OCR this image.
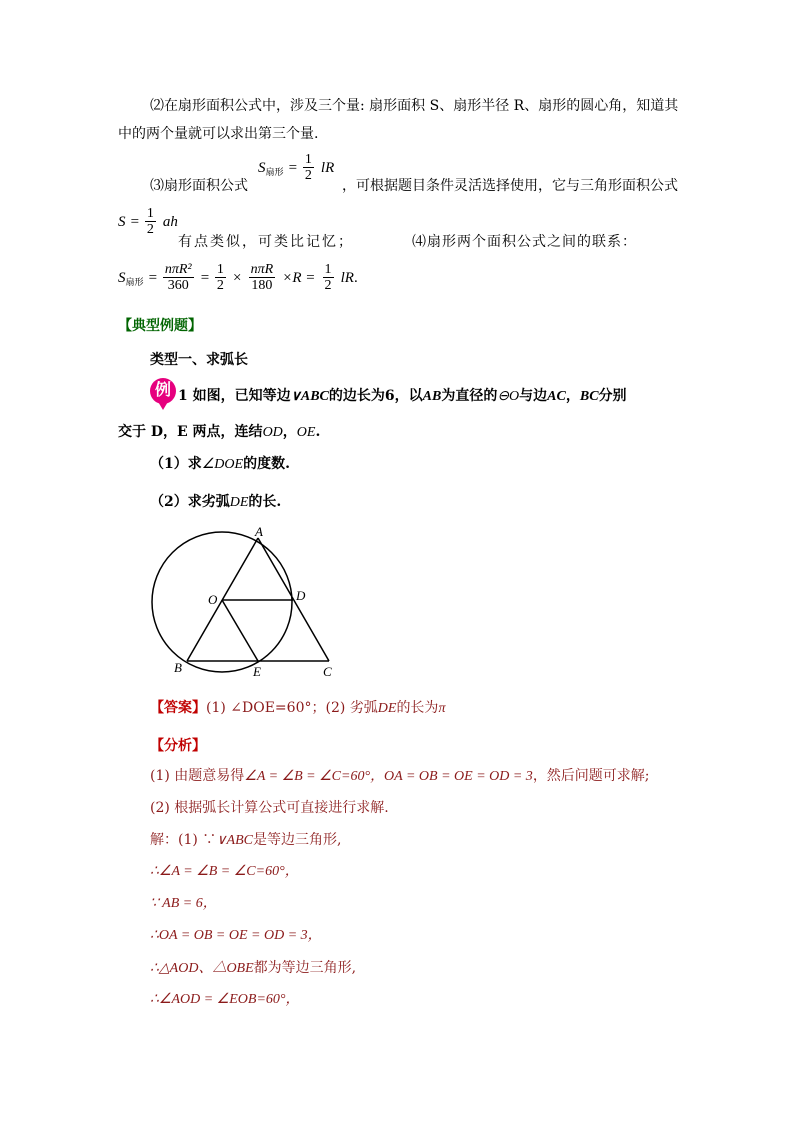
⑵在扇形面积公式中，涉及三个量: 扇形面积 S、扇形半径 R、扇形的圆心角，知道其
中的两个量就可以求出第三个量.
⑶扇形面积公式
$S_{扇形} = \frac{1}{2}$ lR
，可根据题目条件灵活选择使用，它与三角形面积公式
$S = \frac{1}{2}$ ah
有点类似，可类比记忆；	⑷扇形两个面积公式之间的联系：
$S_{扇形} = \frac{\text{nπR²}}{360} = \frac{1}{2} \times \frac{\text{nπR}}{180} \times R = \frac{1}{2}$ lR.
【典型例题】
类型一、求弧长
例 1 如图，已知等边∨ABC的边长为6，以AB为直径的⊖O与边AC，BC分别
交于 D，E 两点，连结OD，OE.
（1）求∠DOE的度数.
（2）求劣弧DE的长.
A
B	C
D
E
O
【答案】(1) ∠DOE=60°；(2) 劣弧DE的长为π
【分析】
(1) 由题意易得∠A = ∠B = ∠C=60°，OA = OB = OE = OD = 3，然后问题可求解;
(2) 根据弧长计算公式可直接进行求解.
解：(1) ∵∨ABC是等边三角形,
∴∠A = ∠B = ∠C=60°，
∵ AB = 6，
∴OA = OB = OE = OD = 3，
∴△AOD、△OBE都为等边三角形,
∴∠AOD = ∠EOB=60°，
